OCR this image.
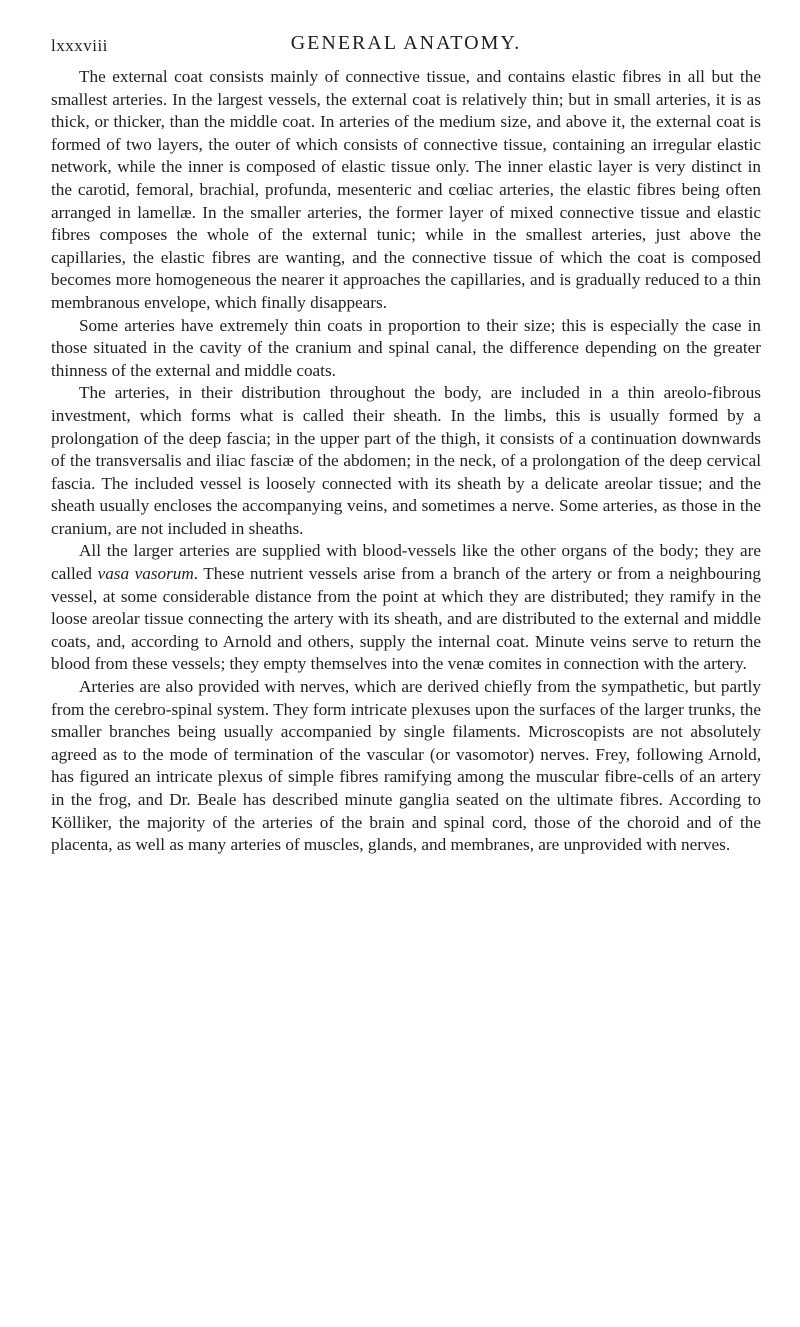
lxxxviii	GENERAL ANATOMY.

The external coat consists mainly of connective tissue, and contains elastic fibres in all but the smallest arteries. In the largest vessels, the external coat is relatively thin; but in small arteries, it is as thick, or thicker, than the middle coat. In arteries of the medium size, and above it, the external coat is formed of two layers, the outer of which consists of connective tissue, containing an irregular elastic network, while the inner is composed of elastic tissue only. The inner elastic layer is very distinct in the carotid, femoral, brachial, profunda, mesenteric and cœliac arteries, the elastic fibres being often arranged in lamellæ. In the smaller arteries, the former layer of mixed connective tissue and elastic fibres composes the whole of the external tunic; while in the smallest arteries, just above the capillaries, the elastic fibres are wanting, and the connective tissue of which the coat is composed becomes more homogeneous the nearer it approaches the capillaries, and is gradually reduced to a thin membranous envelope, which finally disappears.

Some arteries have extremely thin coats in proportion to their size; this is especially the case in those situated in the cavity of the cranium and spinal canal, the difference depending on the greater thinness of the external and middle coats.

The arteries, in their distribution throughout the body, are included in a thin areolo-fibrous investment, which forms what is called their sheath. In the limbs, this is usually formed by a prolongation of the deep fascia; in the upper part of the thigh, it consists of a continuation downwards of the transversalis and iliac fasciæ of the abdomen; in the neck, of a prolongation of the deep cervical fascia. The included vessel is loosely connected with its sheath by a delicate areolar tissue; and the sheath usually encloses the accompanying veins, and sometimes a nerve. Some arteries, as those in the cranium, are not included in sheaths.

All the larger arteries are supplied with blood-vessels like the other organs of the body; they are called vasa vasorum. These nutrient vessels arise from a branch of the artery or from a neighbouring vessel, at some considerable distance from the point at which they are distributed; they ramify in the loose areolar tissue connecting the artery with its sheath, and are distributed to the external and middle coats, and, according to Arnold and others, supply the internal coat. Minute veins serve to return the blood from these vessels; they empty themselves into the venæ comites in connection with the artery.

Arteries are also provided with nerves, which are derived chiefly from the sympathetic, but partly from the cerebro-spinal system. They form intricate plexuses upon the surfaces of the larger trunks, the smaller branches being usually accompanied by single filaments. Microscopists are not absolutely agreed as to the mode of termination of the vascular (or vasomotor) nerves. Frey, following Arnold, has figured an intricate plexus of simple fibres ramifying among the muscular fibre-cells of an artery in the frog, and Dr. Beale has described minute ganglia seated on the ultimate fibres. According to Kölliker, the majority of the arteries of the brain and spinal cord, those of the choroid and of the placenta, as well as many arteries of muscles, glands, and membranes, are unprovided with nerves.
